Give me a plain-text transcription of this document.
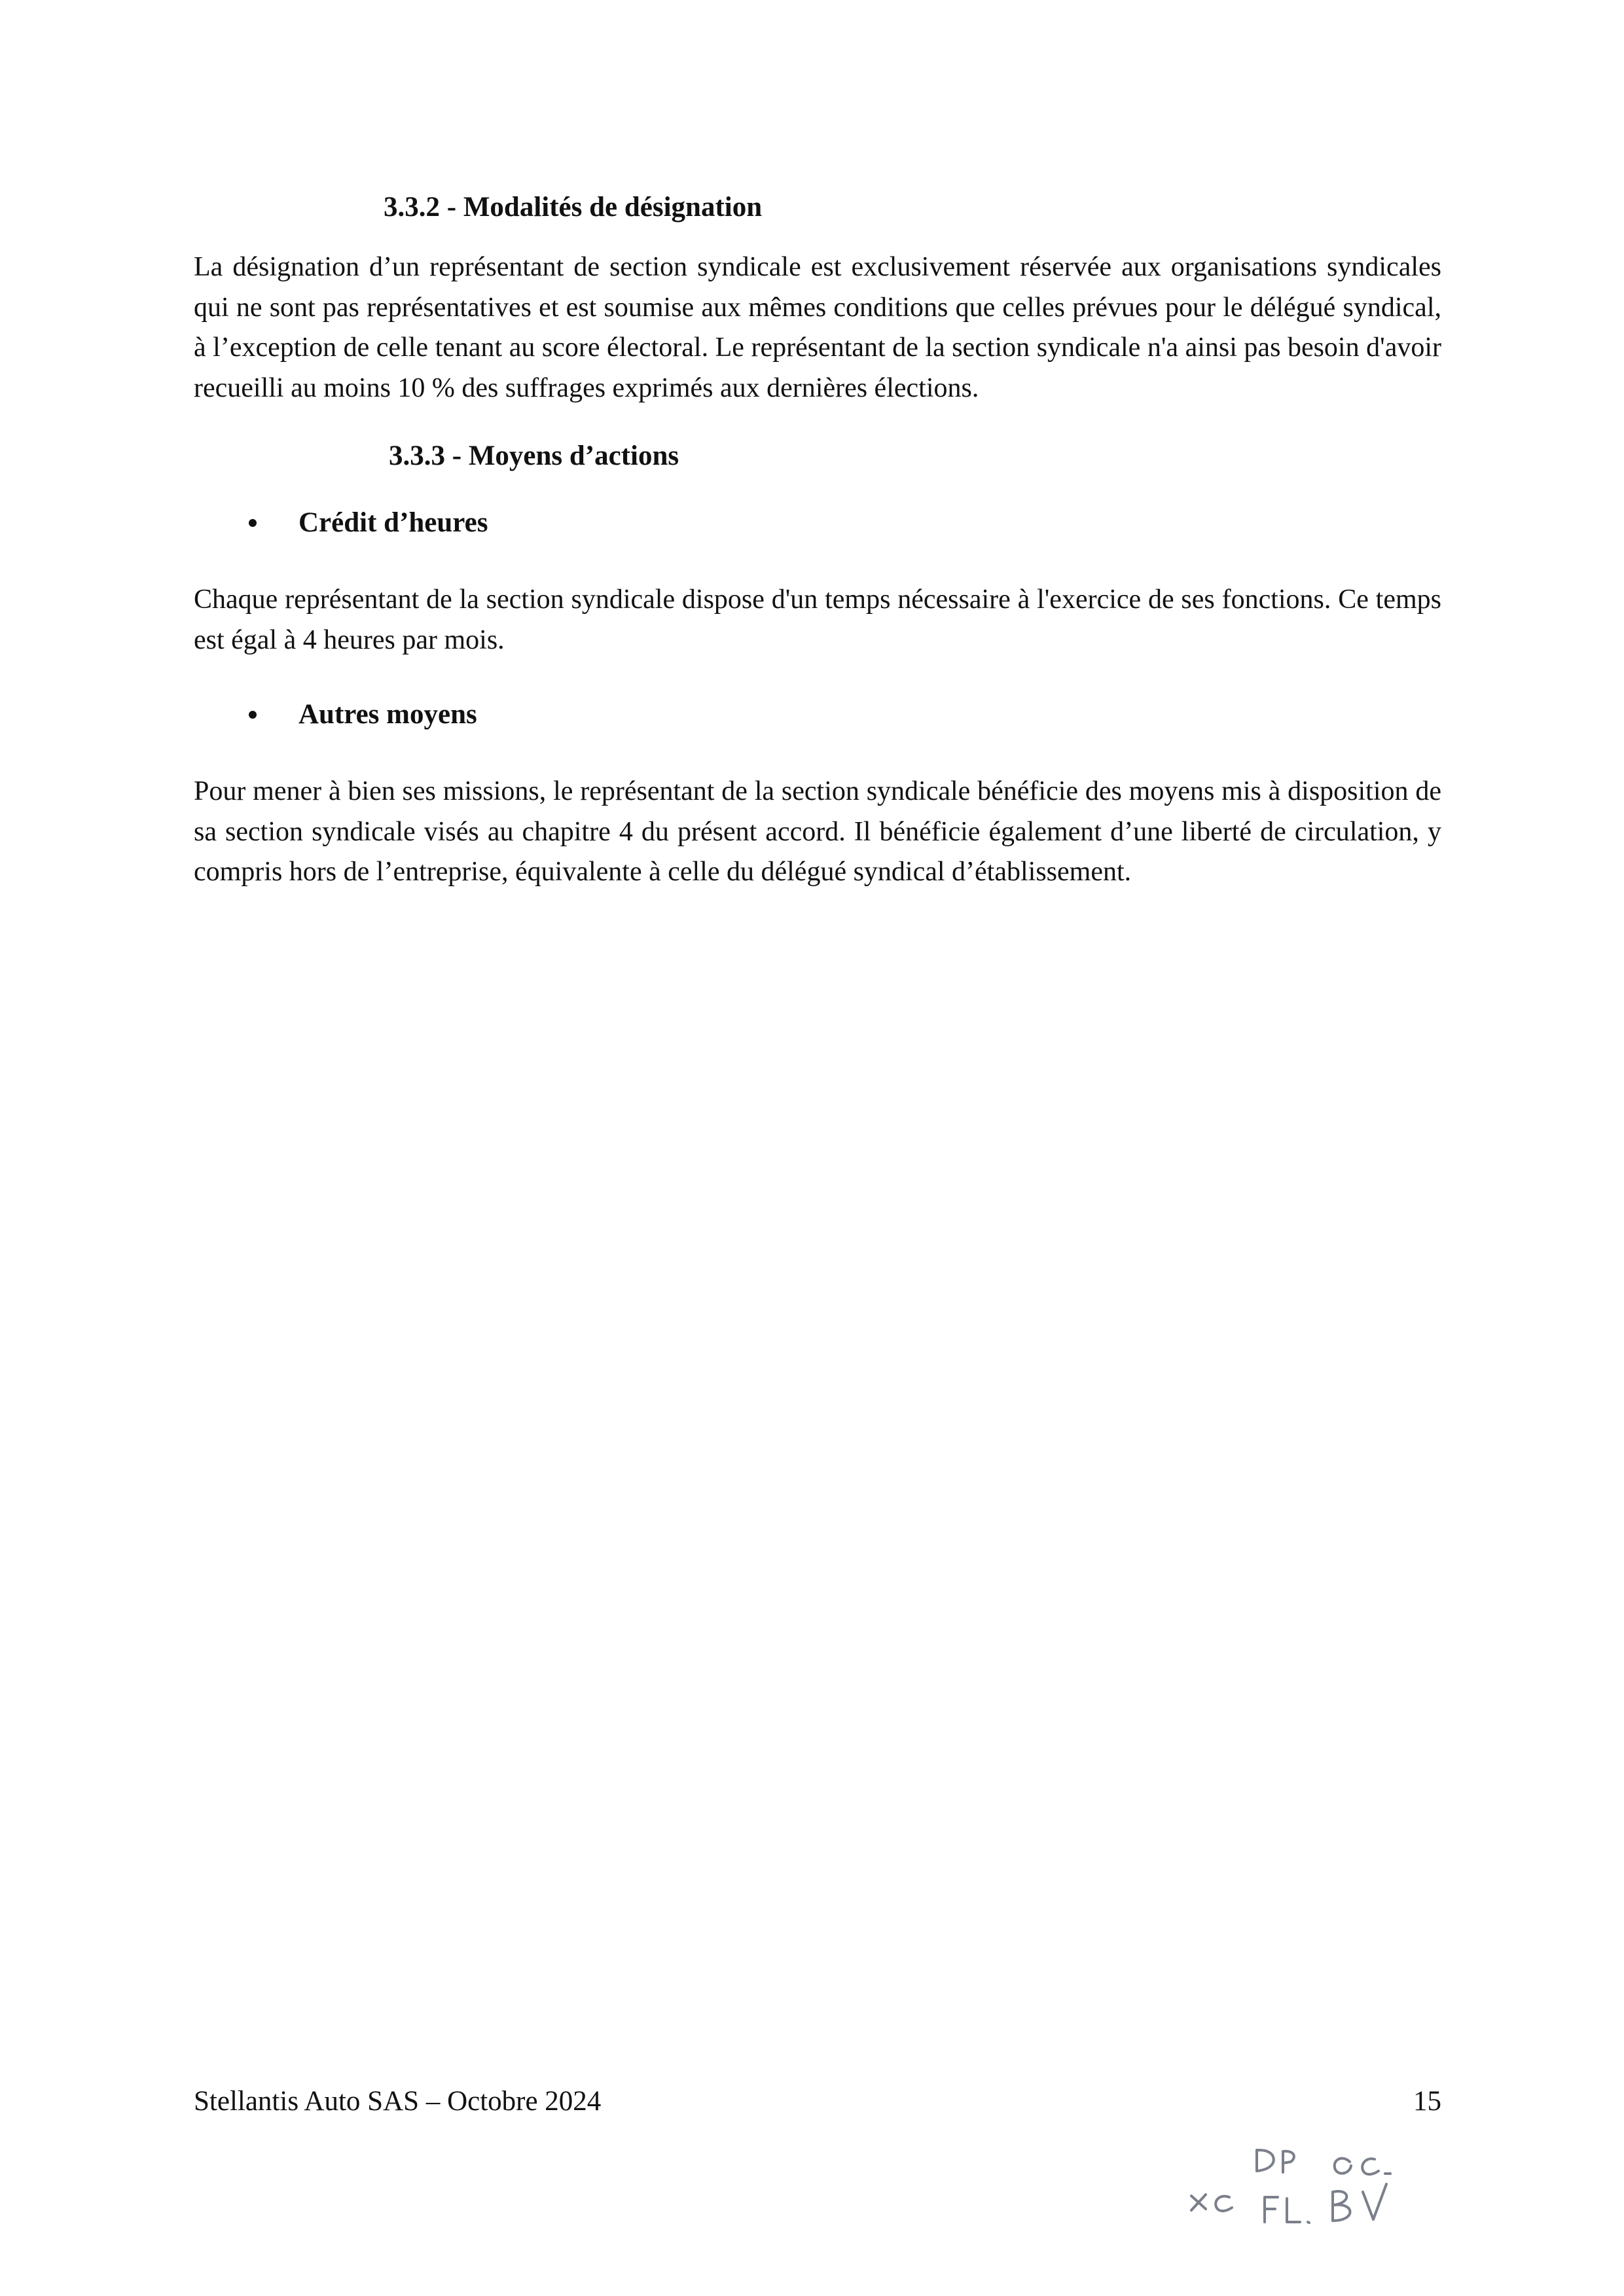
3.3.2 - Modalités de désignation

La désignation d’un représentant de section syndicale est exclusivement réservée aux organisations syndicales qui ne sont pas représentatives et est soumise aux mêmes conditions que celles prévues pour le délégué syndical, à l’exception de celle tenant au score électoral. Le représentant de la section syndicale n'a ainsi pas besoin d'avoir recueilli au moins 10 % des suffrages exprimés aux dernières élections.

3.3.3 - Moyens d’actions
Crédit d’heures

Chaque représentant de la section syndicale dispose d'un temps nécessaire à l'exercice de ses fonctions. Ce temps est égal à 4 heures par mois.

Autres moyens

Pour mener à bien ses missions, le représentant de la section syndicale bénéficie des moyens mis à disposition de sa section syndicale visés au chapitre 4 du présent accord. Il bénéficie également d’une liberté de circulation, y compris hors de l’entreprise, équivalente à celle du délégué syndical d’établissement.

Stellantis Auto SAS – Octobre 2024	15
